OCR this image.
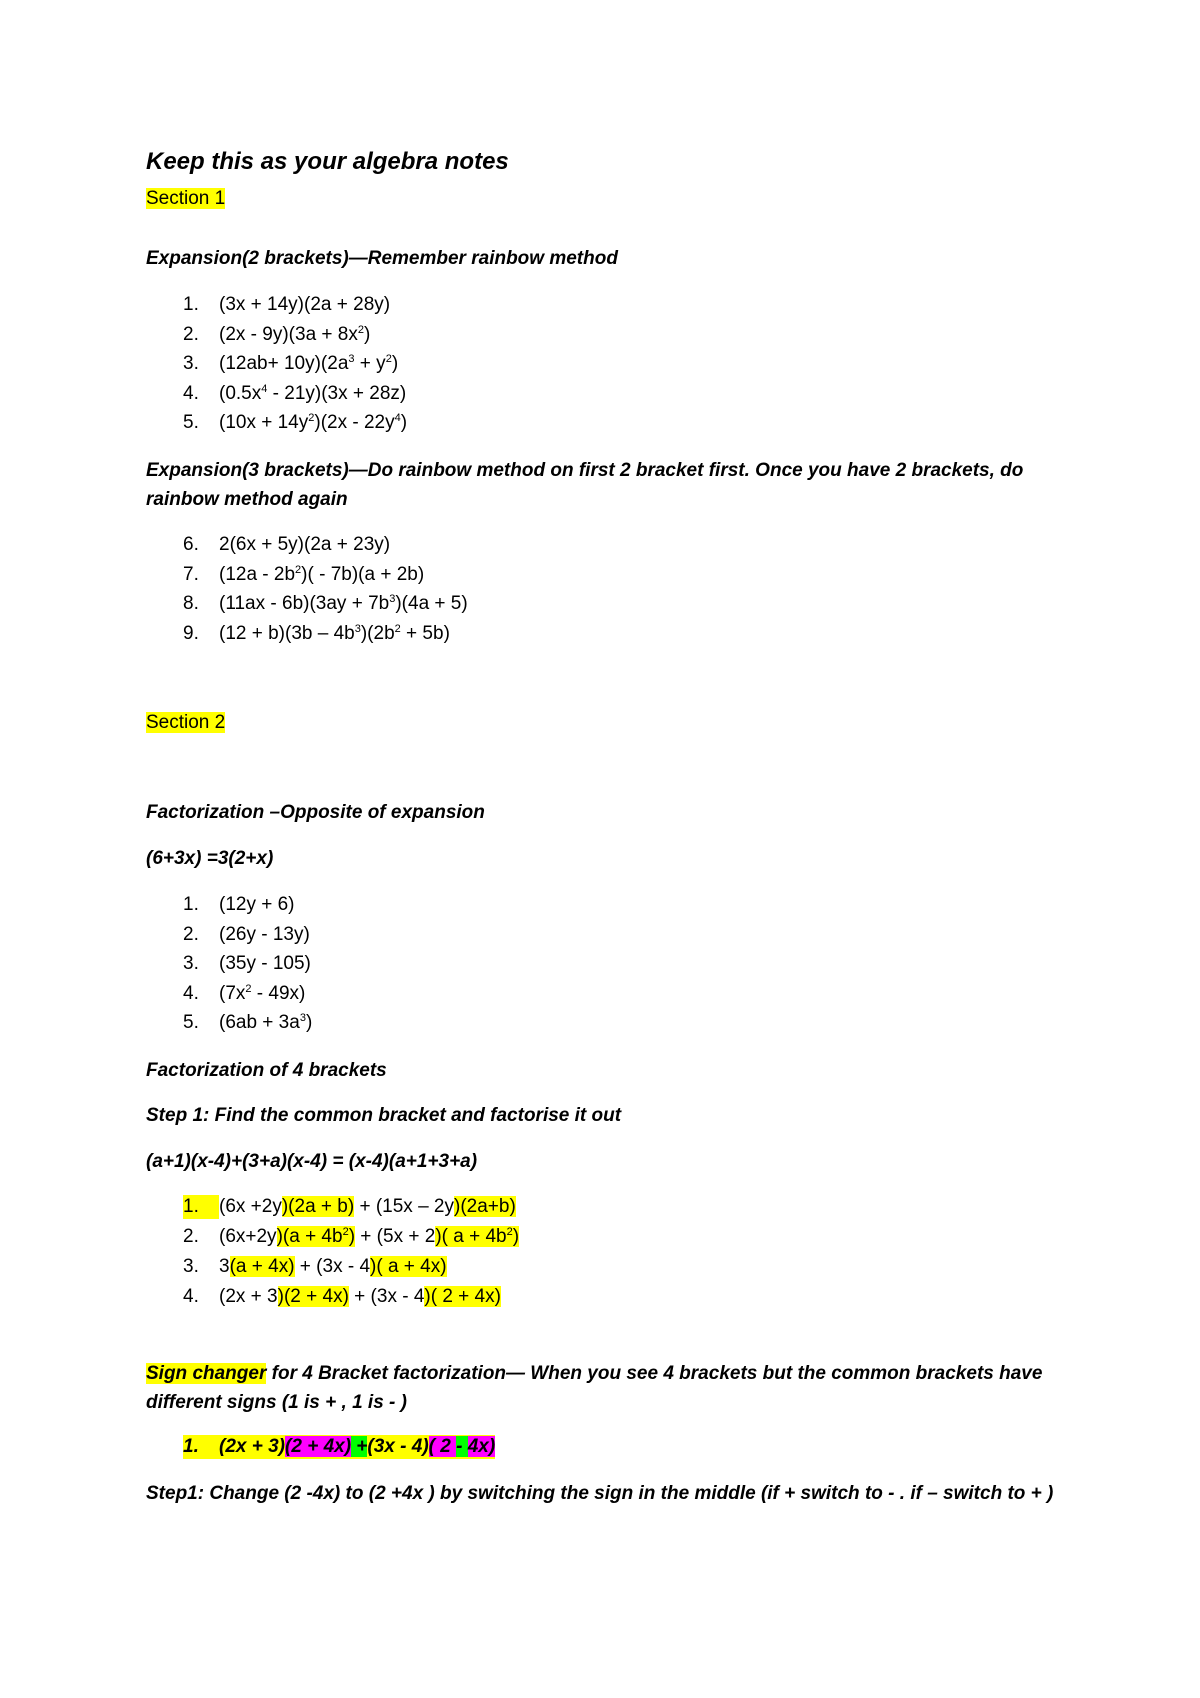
Keep this as your algebra notes
Section 1
Expansion(2 brackets)—Remember rainbow method
1. (3x + 14y)(2a + 28y)
2. $(2x - 9y)(3a + 8x^2)$
3. $(12ab+ 10y)(2a^3 + y^2)$
4. $(0.5x^4 - 21y)(3x + 28z)$
5. $(10x + 14y^2)(2x - 22y^4)$
Expansion(3 brackets)—Do rainbow method on first 2 bracket first. Once you have 2 brackets, do rainbow method again
6. 2(6x + 5y)(2a + 23y)
7. $(12a - 2b^2)( - 7b)(a + 2b)$
8. $(11ax - 6b)(3ay + 7b^3)(4a + 5)$
9. $(12 + b)(3b - 4b^3)(2b^2 + 5b)$
Section 2
Factorization –Opposite of expansion
(6+3x) =3(2+x)
1. (12y + 6)
2. (26y - 13y)
3. (35y - 105)
4. $(7x^2 - 49x)$
5. $(6ab + 3a^3)$
Factorization of 4 brackets
Step 1: Find the common bracket and factorise it out
(a+1)(x-4)+(3+a)(x-4) = (x-4)(a+1+3+a)
1. (6x +2y)(2a + b) + (15x – 2y)(2a+b)
2. $(6x+2y)(a + 4b^2) + (5x + 2)$( $a + 4b^2$)
3. 3(a + 4x) + (3x - 4)( a + 4x)
4. (2x + 3)(2 + 4x) + (3x - 4)( 2 + 4x)
Sign changer for 4 Bracket factorization— When you see 4 brackets but the common brackets have different signs (1 is + , 1 is - )
1. (2x + 3)(2 + 4x) +(3x - 4)( 2 - 4x)
Step1: Change (2 -4x) to (2 +4x ) by switching the sign in the middle (if + switch to - . if – switch to + )
